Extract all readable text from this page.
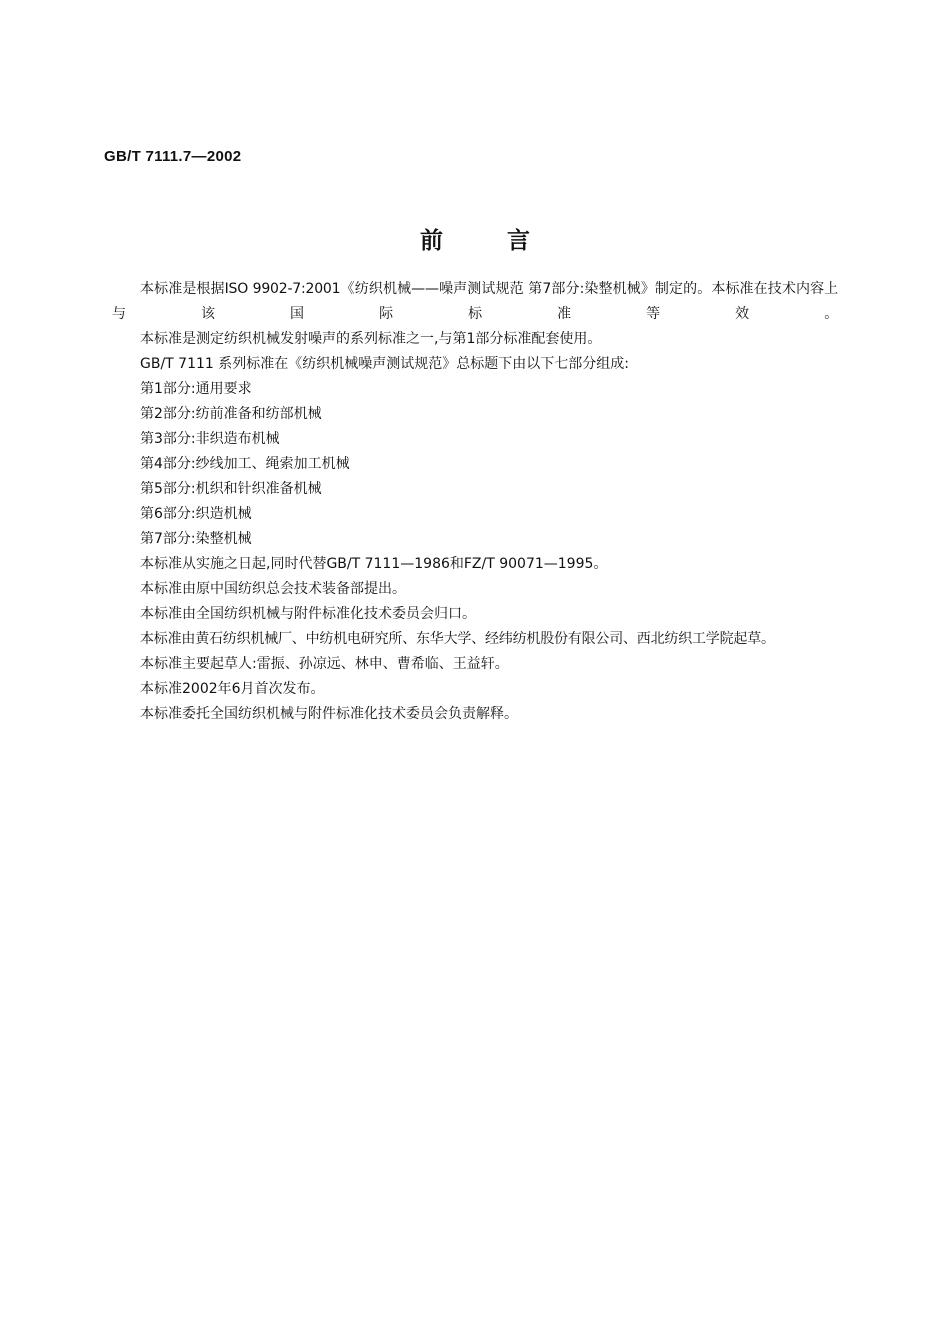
GB/T 7111.7—2002
前言

本标准是根据ISO 9902-7:2001《纺织机械——噪声测试规范 第7部分:染整机械》制定的。本标准在技术内容上与该国际标准等效。

本标准是测定纺织机械发射噪声的系列标准之一,与第1部分标准配套使用。

GB/T 7111 系列标准在《纺织机械噪声测试规范》总标题下由以下七部分组成:

第1部分:通用要求

第2部分:纺前准备和纺部机械

第3部分:非织造布机械

第4部分:纱线加工、绳索加工机械

第5部分:机织和针织准备机械

第6部分:织造机械

第7部分:染整机械

本标准从实施之日起,同时代替GB/T 7111—1986和FZ/T 90071—1995。

本标准由原中国纺织总会技术装备部提出。

本标准由全国纺织机械与附件标准化技术委员会归口。

本标准由黄石纺织机械厂、中纺机电研究所、东华大学、经纬纺机股份有限公司、西北纺织工学院起草。

本标准主要起草人:雷振、孙凉远、林申、曹希临、王益轩。

本标准2002年6月首次发布。

本标准委托全国纺织机械与附件标准化技术委员会负责解释。
